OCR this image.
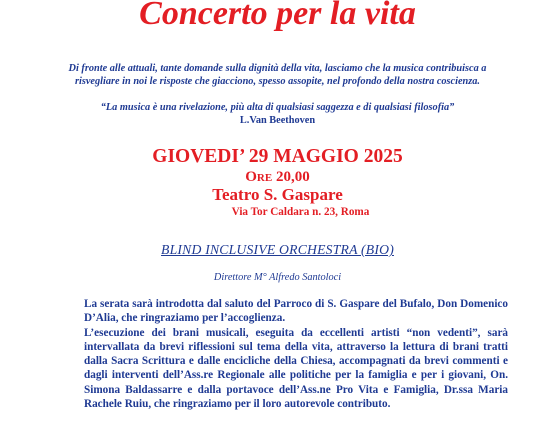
Concerto per la vita
Di fronte alle attuali, tante domande sulla dignità della vita, lasciamo che la musica contribuisca a risvegliare in noi le risposte che giacciono, spesso assopite, nel profondo della nostra coscienza.
“La musica è una rivelazione, più alta di qualsiasi saggezza e di qualsiasi filosofia”
L.Van Beethoven
GIOVEDI’ 29 MAGGIO 2025
Ore 20,00
Teatro S. Gaspare
Via Tor Caldara n. 23, Roma
BLIND INCLUSIVE ORCHESTRA (BIO)
Direttore M° Alfredo Santoloci

La serata sarà introdotta dal saluto del Parroco di S. Gaspare del Bufalo, Don Domenico D’Alia, che ringraziamo per l’accoglienza.

L’esecuzione dei brani musicali, eseguita da eccellenti artisti “non vedenti”, sarà intervallata da brevi riflessioni sul tema della vita, attraverso la lettura di brani tratti dalla Sacra Scrittura e dalle encicliche della Chiesa, accompagnati da brevi commenti e dagli interventi dell’Ass.re Regionale alle politiche per la famiglia e per i giovani, On. Simona Baldassarre e dalla portavoce dell’Ass.ne Pro Vita e Famiglia, Dr.ssa Maria Rachele Ruiu, che ringraziamo per il loro autorevole contributo.
